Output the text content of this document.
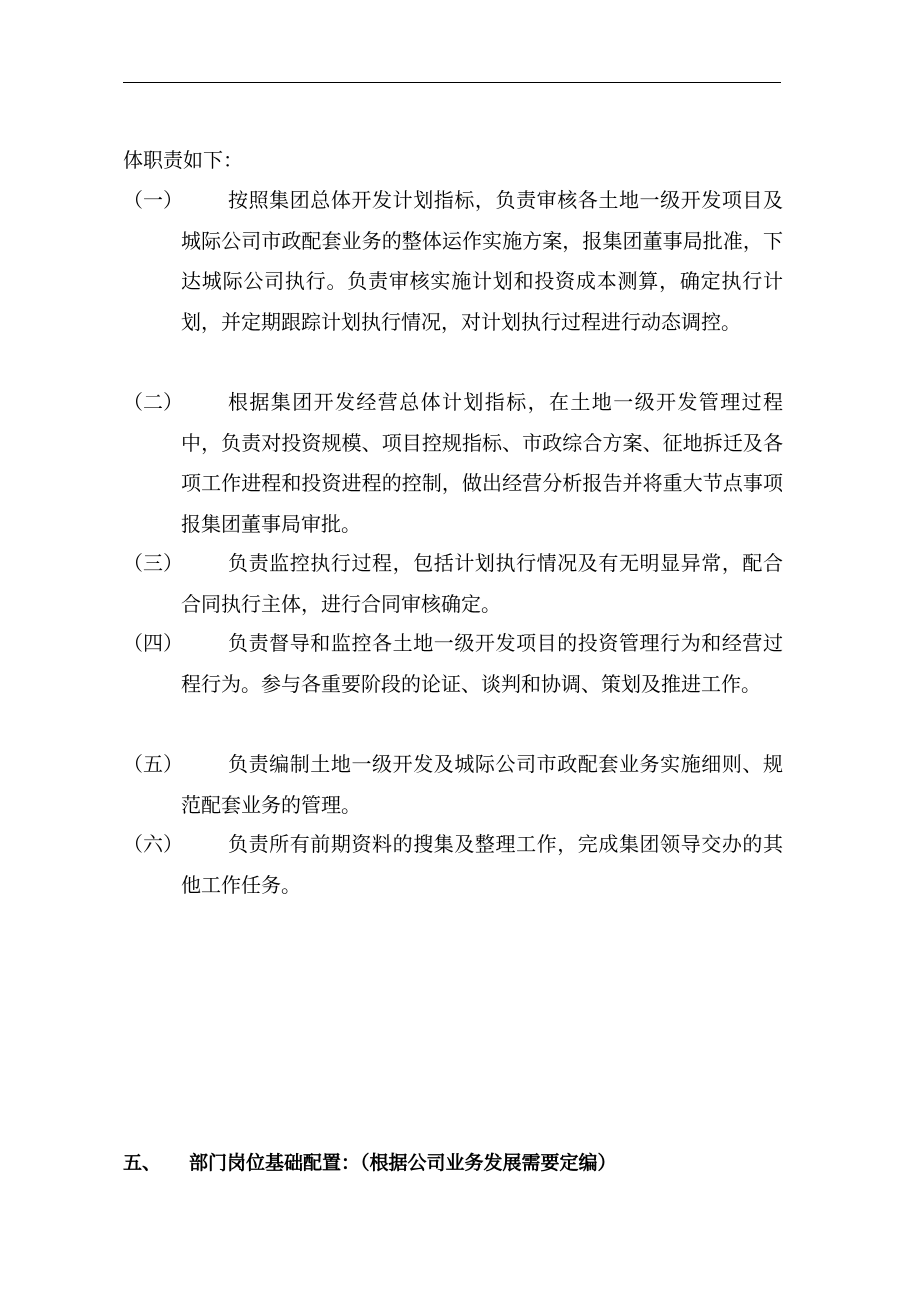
体职责如下：
（一）	按照集团总体开发计划指标，负责审核各土地一级开发项目及城际公司市政配套业务的整体运作实施方案，报集团董事局批准，下达城际公司执行。负责审核实施计划和投资成本测算，确定执行计划，并定期跟踪计划执行情况，对计划执行过程进行动态调控。
（二）	根据集团开发经营总体计划指标，在土地一级开发管理过程中，负责对投资规模、项目控规指标、市政综合方案、征地拆迁及各项工作进程和投资进程的控制，做出经营分析报告并将重大节点事项报集团董事局审批。
（三）	负责监控执行过程，包括计划执行情况及有无明显异常，配合合同执行主体，进行合同审核确定。
（四）	负责督导和监控各土地一级开发项目的投资管理行为和经营过程行为。参与各重要阶段的论证、谈判和协调、策划及推进工作。
（五）	负责编制土地一级开发及城际公司市政配套业务实施细则、规范配套业务的管理。
（六）	负责所有前期资料的搜集及整理工作，完成集团领导交办的其他工作任务。
五、 部门岗位基础配置：（根据公司业务发展需要定编）
